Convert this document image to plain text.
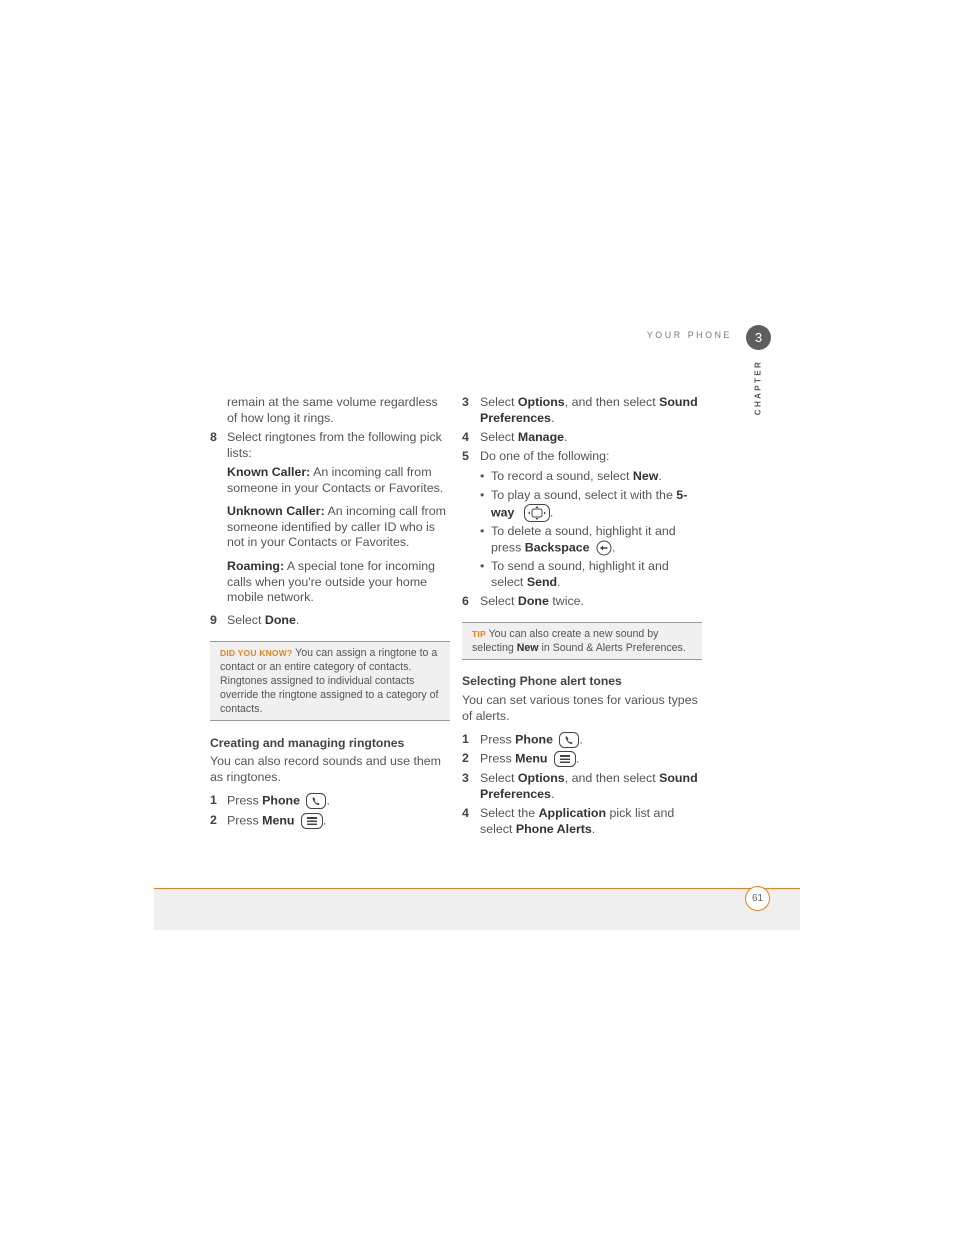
YOUR PHONE	3
CHAPTER
remain at the same volume regardless of how long it rings.
8 Select ringtones from the following pick lists:
Known Caller: An incoming call from someone in your Contacts or Favorites.
Unknown Caller: An incoming call from someone identified by caller ID who is not in your Contacts or Favorites.
Roaming: A special tone for incoming calls when you're outside your home mobile network.
9 Select Done.
DID YOU KNOW? You can assign a ringtone to a contact or an entire category of contacts. Ringtones assigned to individual contacts override the ringtone assigned to a category of contacts.
Creating and managing ringtones
You can also record sounds and use them as ringtones.
1 Press Phone .
2 Press Menu .
3 Select Options, and then select Sound Preferences.
4 Select Manage.
5 Do one of the following:
• To record a sound, select New.
• To play a sound, select it with the 5-way	.
• To delete a sound, highlight it and press Backspace .
• To send a sound, highlight it and select Send.
6 Select Done twice.
TIP You can also create a new sound by selecting New in Sound & Alerts Preferences.
Selecting Phone alert tones
You can set various tones for various types of alerts.
1 Press Phone .
2 Press Menu .
3 Select Options, and then select Sound Preferences.
4 Select the Application pick list and select Phone Alerts.
61
